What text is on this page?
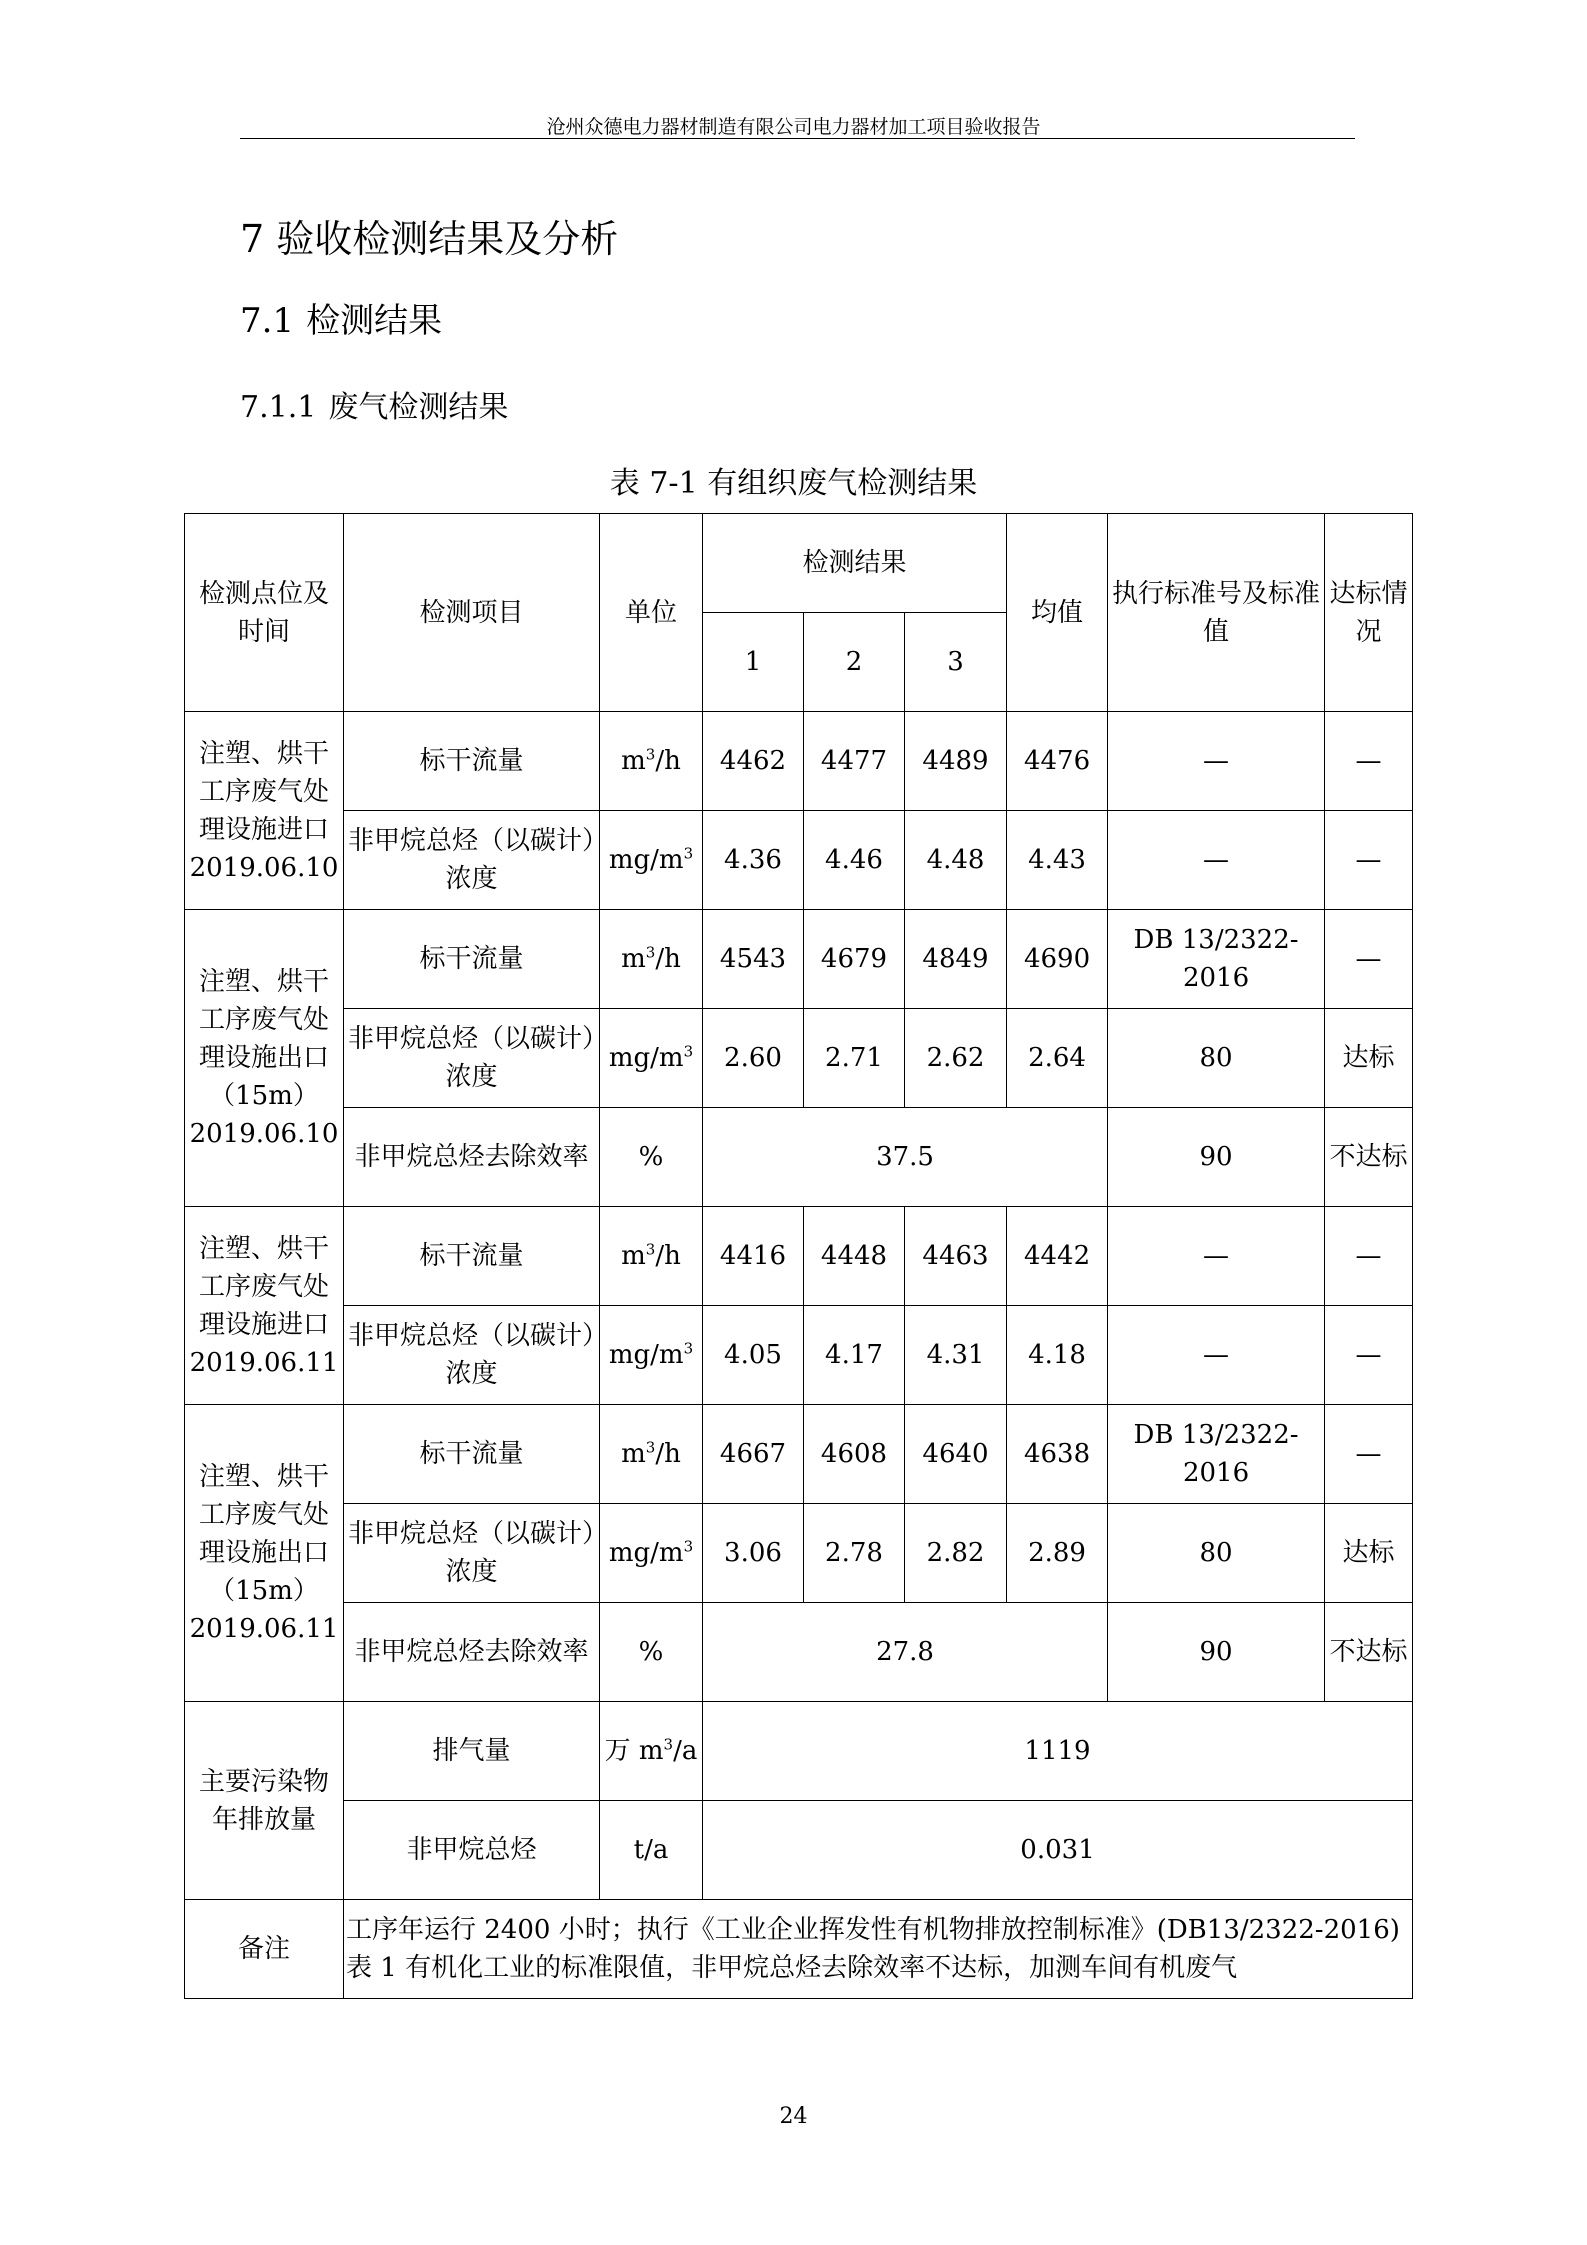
沧州众德电力器材制造有限公司电力器材加工项目验收报告
7 验收检测结果及分析
7.1 检测结果
7.1.1 废气检测结果
表 7-1 有组织废气检测结果
检测点位及时间	检测项目	单位	检测结果			均值	执行标准号及标准值	达标情况
			1	2	3			
注塑、烘干工序废气处理设施进口2019.06.10	标干流量	$m^3/h$	4462	4477	4489	4476	—	—
	非甲烷总烃（以碳计）浓度	$mg/m^3$	4.36	4.46	4.48	4.43	—	—
注塑、烘干工序废气处理设施出口（15m）2019.06.10	标干流量	$m^3/h$	4543	4679	4849	4690	DB 13/2322-2016	—
	非甲烷总烃（以碳计）浓度	$mg/m^3$	2.60	2.71	2.62	2.64	80	达标
	非甲烷总烃去除效率	%	37.5				90	不达标
注塑、烘干工序废气处理设施进口2019.06.11	标干流量	$m^3/h$	4416	4448	4463	4442	—	—
	非甲烷总烃（以碳计）浓度	$mg/m^3$	4.05	4.17	4.31	4.18	—	—
注塑、烘干工序废气处理设施出口（15m）2019.06.11	标干流量	$m^3/h$	4667	4608	4640	4638	DB 13/2322-2016	—
	非甲烷总烃（以碳计）浓度	$mg/m^3$	3.06	2.78	2.82	2.89	80	达标
	非甲烷总烃去除效率	%	27.8				90	不达标
主要污染物年排放量	排气量	万 $m^3/a$	1119					
	非甲烷总烃	t/a	0.031					
备注	工序年运行 2400 小时；执行《工业企业挥发性有机物排放控制标准》(DB13/2322-2016)
表 1 有机化工业的标准限值，非甲烷总烃去除效率不达标，加测车间有机废气							
24
